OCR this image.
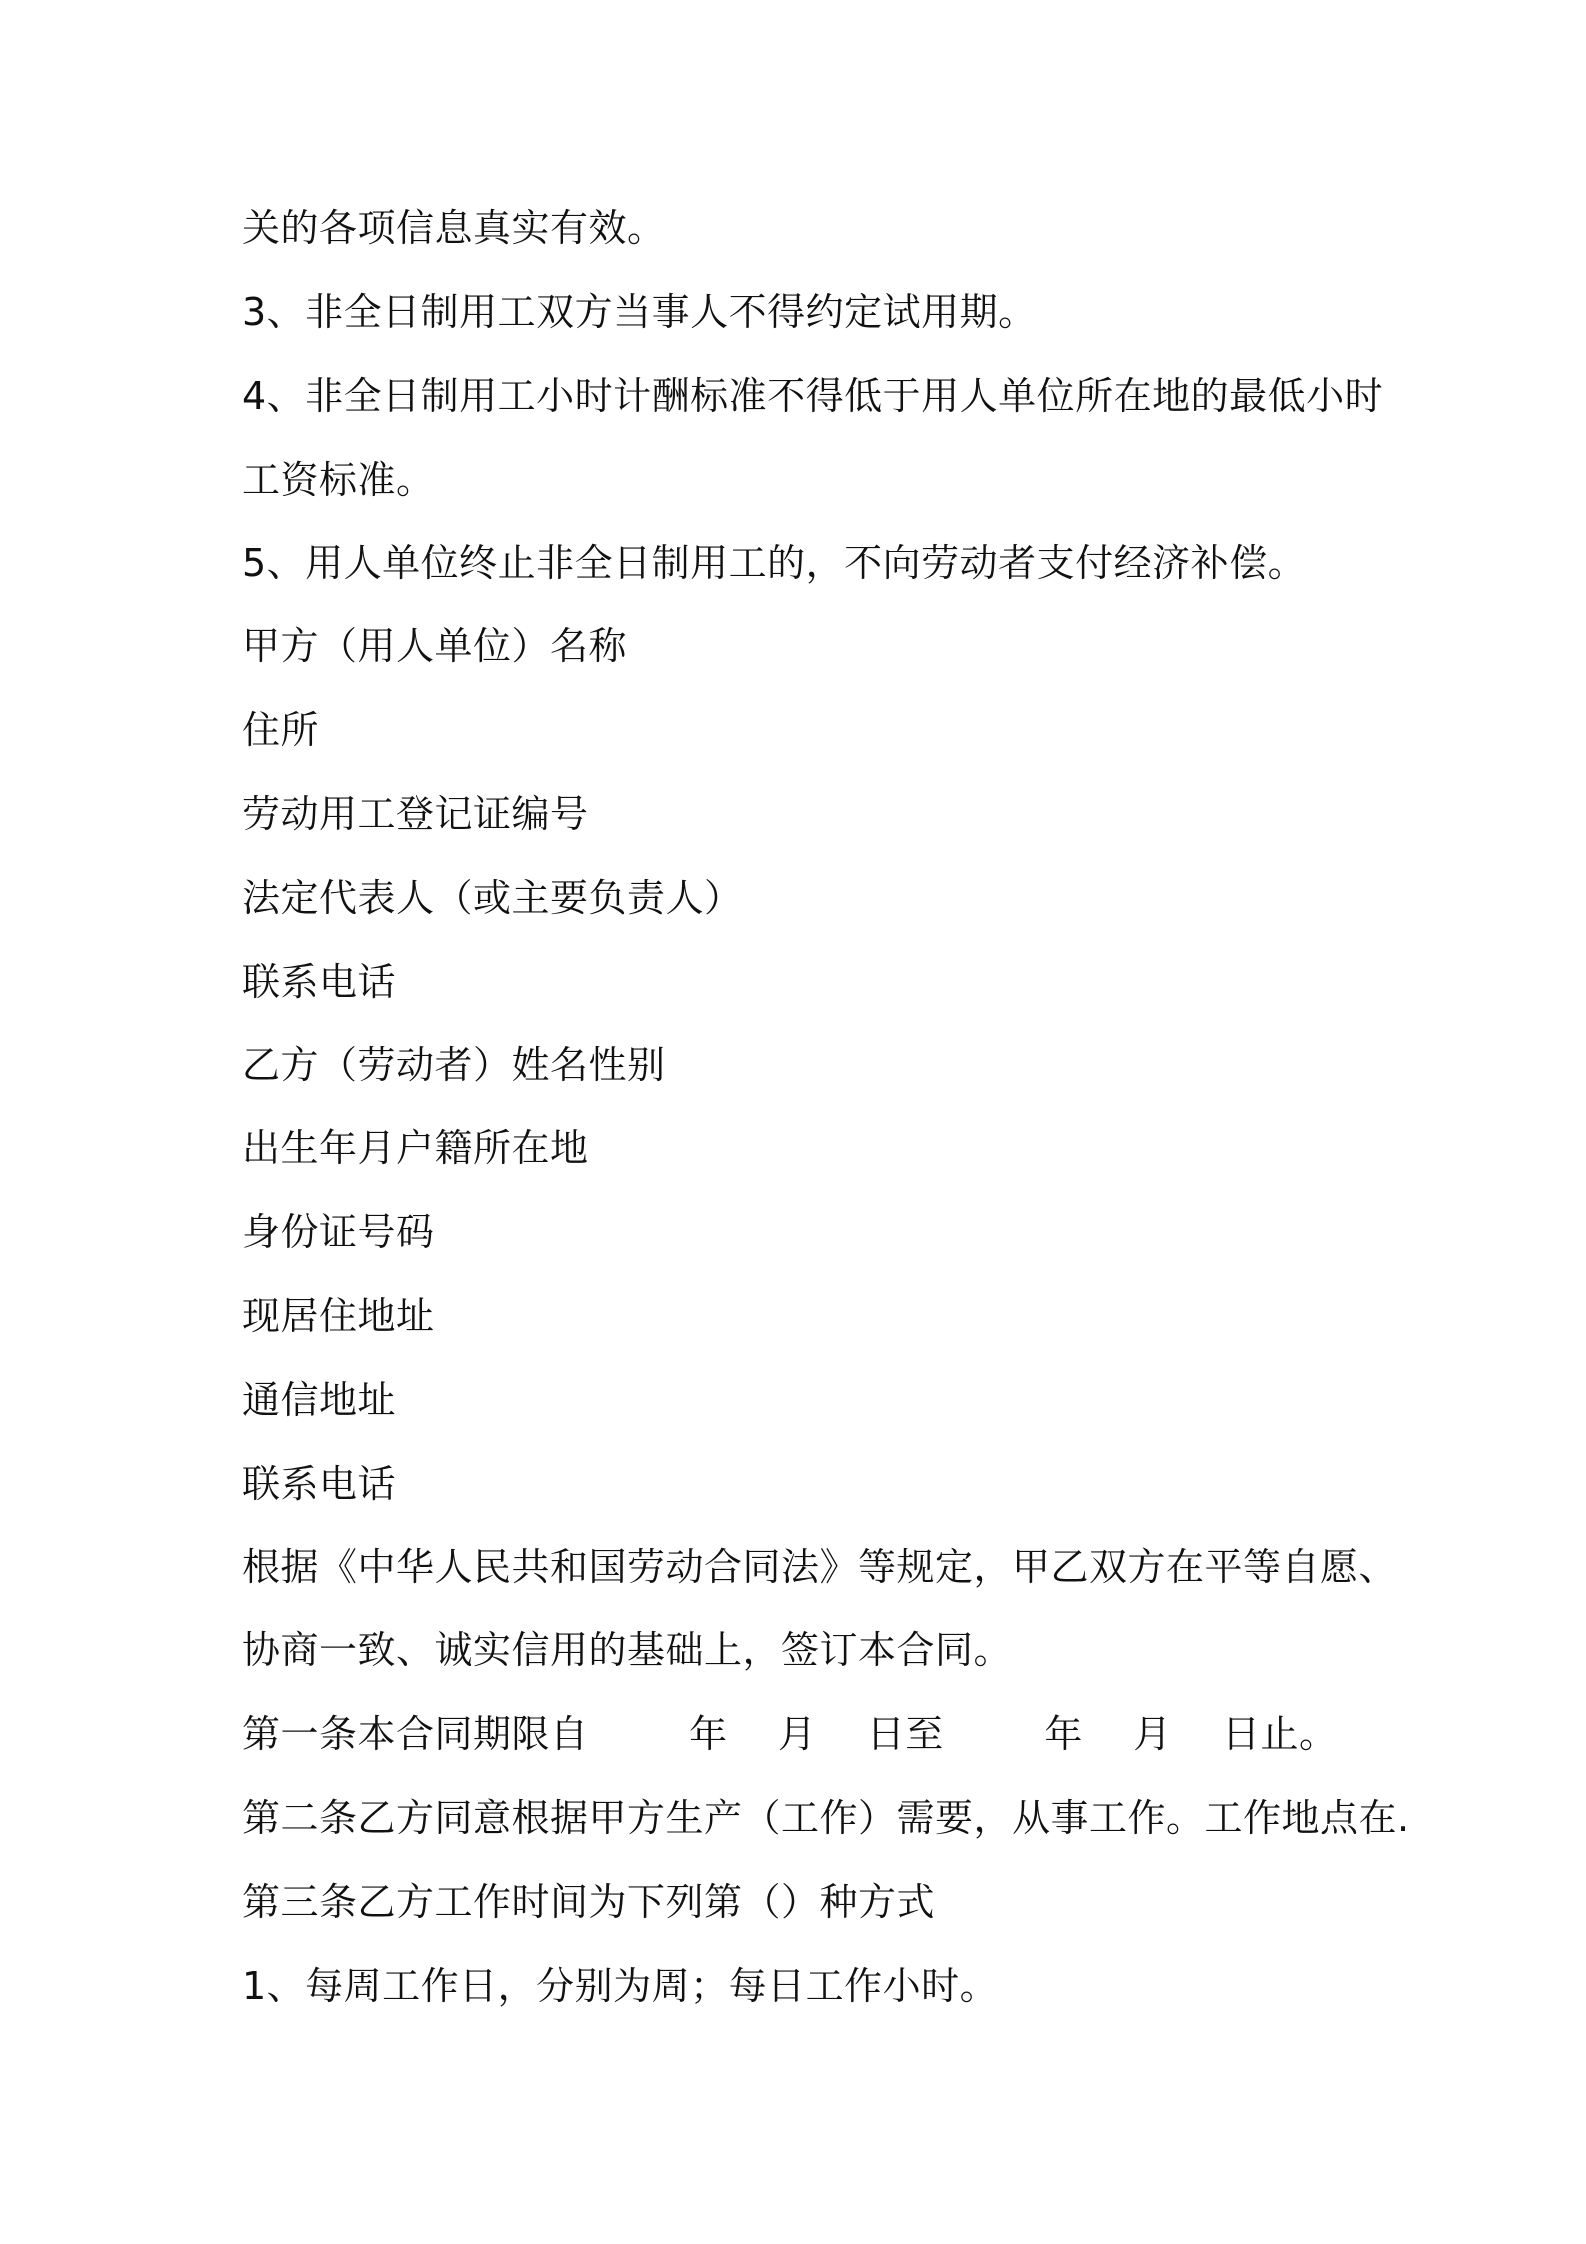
关的各项信息真实有效。
3、非全日制用工双方当事人不得约定试用期。
4、非全日制用工小时计酬标准不得低于用人单位所在地的最低小时
工资标准。
5、用人单位终止非全日制用工的，不向劳动者支付经济补偿。
甲方（用人单位）名称
住所
劳动用工登记证编号
法定代表人（或主要负责人）
联系电话
乙方（劳动者）姓名性别
出生年月户籍所在地
身份证号码
现居住地址
通信地址
联系电话
根据《中华人民共和国劳动合同法》等规定，甲乙双方在平等自愿、
协商一致、诚实信用的基础上，签订本合同。
第一条本合同期限自        年    月    日至        年    月    日止。
第二条乙方同意根据甲方生产（工作）需要，从事工作。工作地点在.
第三条乙方工作时间为下列第（）种方式
1、每周工作日，分别为周；每日工作小时。
